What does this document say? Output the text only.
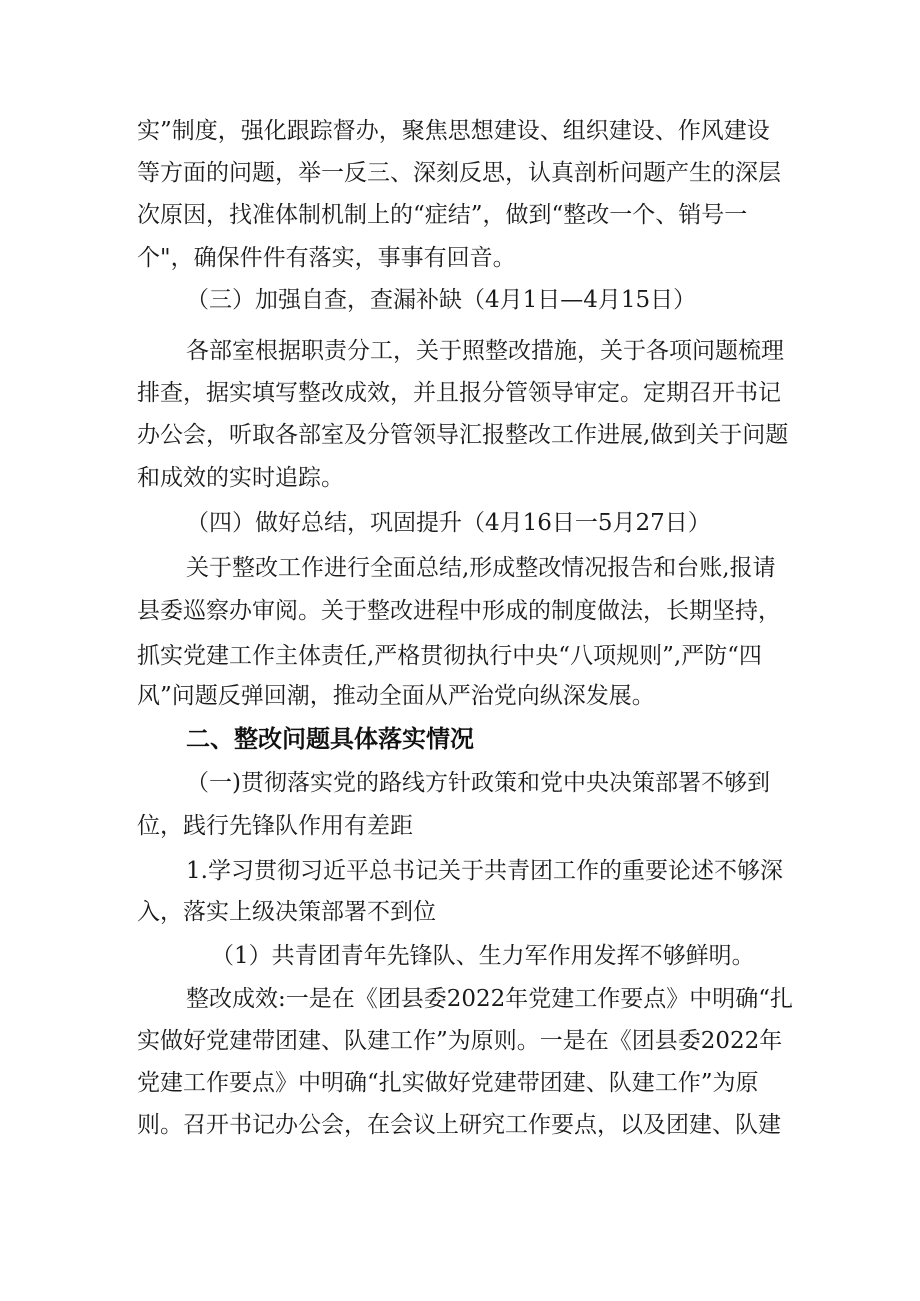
实”制度，强化跟踪督办，聚焦思想建设、组织建设、作风建设
等方面的问题，举一反三、深刻反思，认真剖析问题产生的深层
次原因，找准体制机制上的“症结”，做到“整改一个、销号一
个"，确保件件有落实，事事有回音。
（三）加强自查，查漏补缺（4月1日—4月15日）
各部室根据职责分工，关于照整改措施，关于各项问题梳理
排查，据实填写整改成效，并且报分管领导审定。定期召开书记
办公会，听取各部室及分管领导汇报整改工作进展,做到关于问题
和成效的实时追踪。
（四）做好总结，巩固提升（4月16日一5月27日）
关于整改工作进行全面总结,形成整改情况报告和台账,报请
县委巡察办审阅。关于整改进程中形成的制度做法，长期坚持，
抓实党建工作主体责任,严格贯彻执行中央“八项规则”,严防“四
风”问题反弹回潮，推动全面从严治党向纵深发展。
二、整改问题具体落实情况
（一)贯彻落实党的路线方针政策和党中央决策部署不够到
位，践行先锋队作用有差距
1.学习贯彻习近平总书记关于共青团工作的重要论述不够深
入，落实上级决策部署不到位
（1）共青团青年先锋队、生力军作用发挥不够鲜明。
整改成效:一是在《团县委2022年党建工作要点》中明确“扎
实做好党建带团建、队建工作”为原则。一是在《团县委2022年
党建工作要点》中明确“扎实做好党建带团建、队建工作”为原
则。召开书记办公会，在会议上研究工作要点，以及团建、队建
